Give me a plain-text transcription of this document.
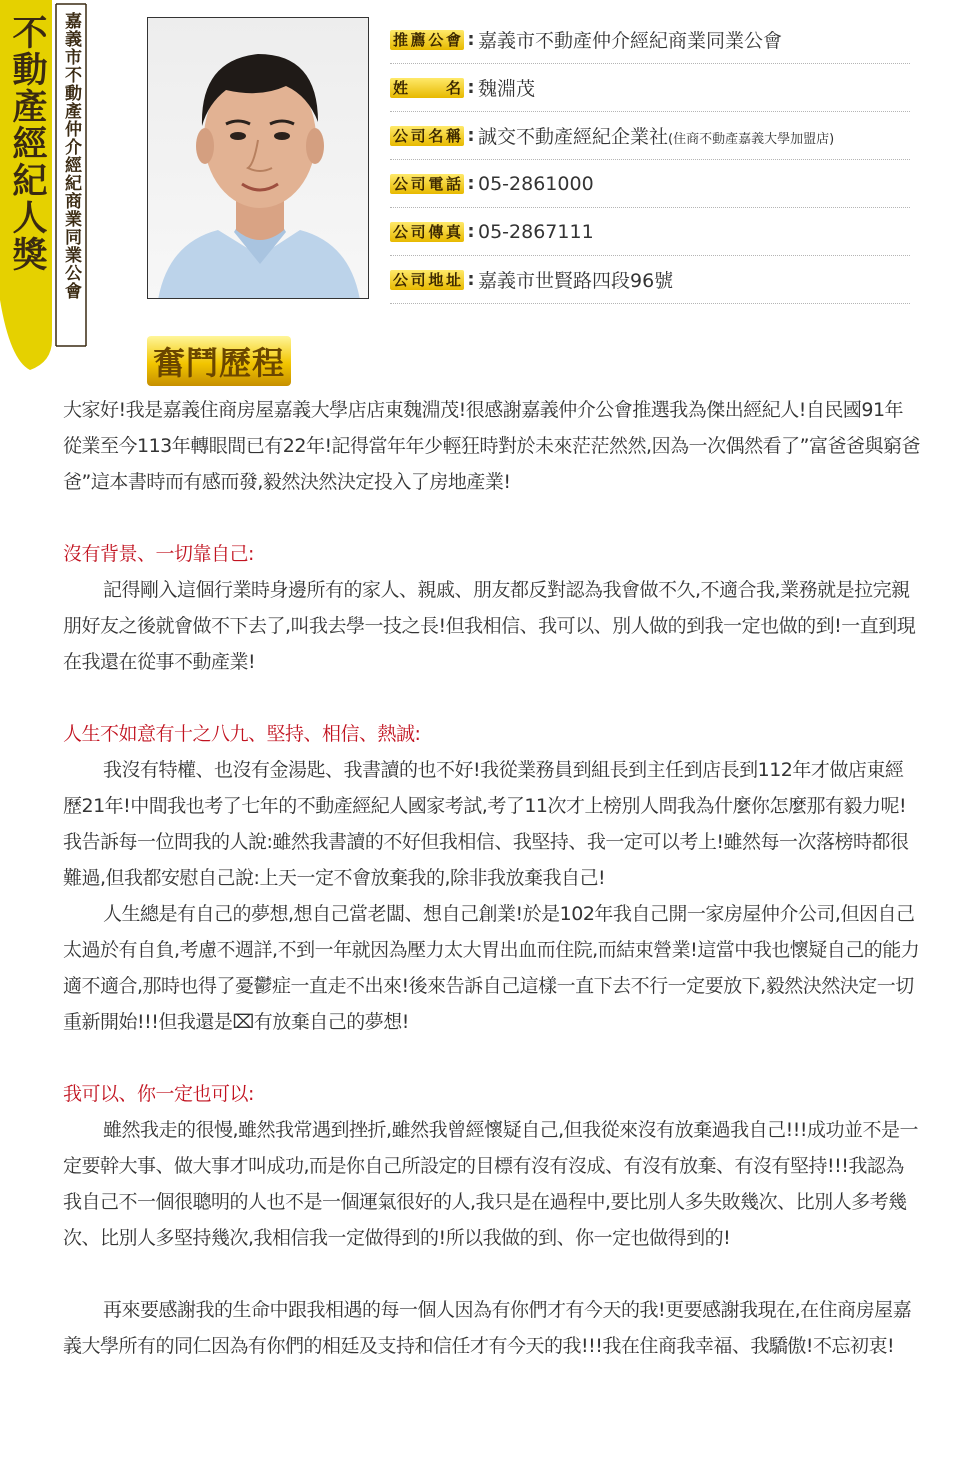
不動產經紀人獎 嘉義市不動產仲介經紀商業同業公會	推薦公會 : 嘉義市不動產仲介經紀商業同業公會
姓名 : 魏淵茂
公司名稱 : 誠交不動產經紀企業社(住商不動產嘉義大學加盟店)
公司電話 : 05-2861000
公司傳真 : 05-2867111
公司地址 : 嘉義市世賢路四段96號
奮鬥歷程

大家好!我是嘉義住商房屋嘉義大學店店東魏淵茂!很感謝嘉義仲介公會推選我為傑出經紀人!自民國91年從業至今113年轉眼間已有22年!記得當年年少輕狂時對於未來茫茫然然,因為一次偶然看了”富爸爸與窮爸爸”這本書時而有感而發,毅然決然決定投入了房地產業!

沒有背景、一切靠自己:

記得剛入這個行業時身邊所有的家人、親戚、朋友都反對認為我會做不久,不適合我,業務就是拉完親朋好友之後就會做不下去了,叫我去學一技之長!但我相信、我可以、別人做的到我一定也做的到!一直到現在我還在從事不動產業!

人生不如意有十之八九、堅持、相信、熱誠:

我沒有特權、也沒有金湯匙、我書讀的也不好!我從業務員到組長到主任到店長到112年才做店東經歷21年!中間我也考了七年的不動產經紀人國家考試,考了11次才上榜別人問我為什麼你怎麼那有毅力呢!我告訴每一位問我的人說:雖然我書讀的不好但我相信、我堅持、我一定可以考上!雖然每一次落榜時都很難過,但我都安慰自己說:上天一定不會放棄我的,除非我放棄我自己!

人生總是有自己的夢想,想自己當老闆、想自己創業!於是102年我自己開一家房屋仲介公司,但因自己太過於有自負,考慮不週詳,不到一年就因為壓力太大胃出血而住院,而結束營業!這當中我也懷疑自己的能力適不適合,那時也得了憂鬱症一直走不出來!後來告訴自己這樣一直下去不行一定要放下,毅然決然決定一切重新開始!!!但我還是⌧有放棄自己的夢想!

我可以、你一定也可以:

雖然我走的很慢,雖然我常遇到挫折,雖然我曾經懷疑自己,但我從來沒有放棄過我自己!!!成功並不是一定要幹大事、做大事才叫成功,而是你自己所設定的目標有沒有沒成、有沒有放棄、有沒有堅持!!!我認為我自己不一個很聰明的人也不是一個運氣很好的人,我只是在過程中,要比別人多失敗幾次、比別人多考幾次、比別人多堅持幾次,我相信我一定做得到的!所以我做的到、你一定也做得到的!

再來要感謝我的生命中跟我相遇的每一個人因為有你們才有今天的我!更要感謝我現在,在住商房屋嘉義大學所有的同仁因為有你們的相廷及支持和信任才有今天的我!!!我在住商我幸福、我驕傲!不忘初衷!
